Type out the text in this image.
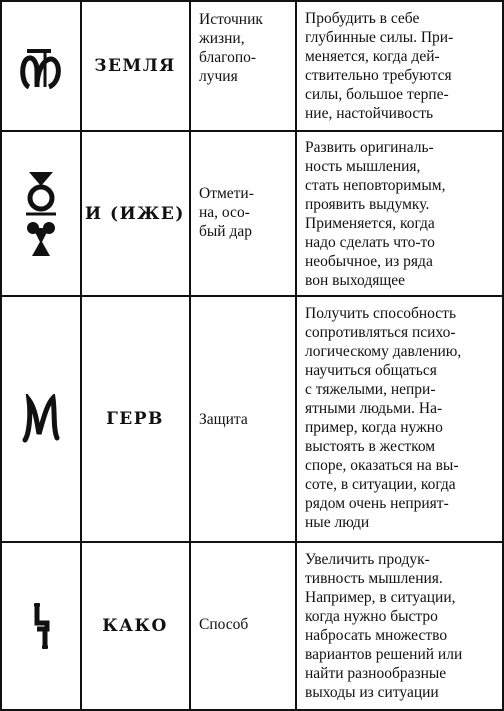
ЗЕМЛЯ
Источник
жизни,
благопо-
лучия
Пробудить в себе
глубинные силы. При-
меняется, когда дей-
ствительно требуются
силы, большое терпе-
ние, настойчивость
И (ИЖЕ)
Отмети-
на, осо-
бый дар
Развить оригиналь-
ность мышления,
стать неповторимым,
проявить выдумку.
Применяется, когда
надо сделать что-то
необычное, из ряда
вон выходящее
ГЕРВ	Защита
Получить способность
сопротивляться психо-
логическому давлению,
научиться общаться
с тяжелыми, непри-
ятными людьми. На-
пример, когда нужно
выстоять в жестком
споре, оказаться на вы-
соте, в ситуации, когда
рядом очень неприят-
ные люди
КАКО	Способ
Увеличить продук-
тивность мышления.
Например, в ситуации,
когда нужно быстро
набросать множество
вариантов решений или
найти разнообразные
выходы из ситуации
